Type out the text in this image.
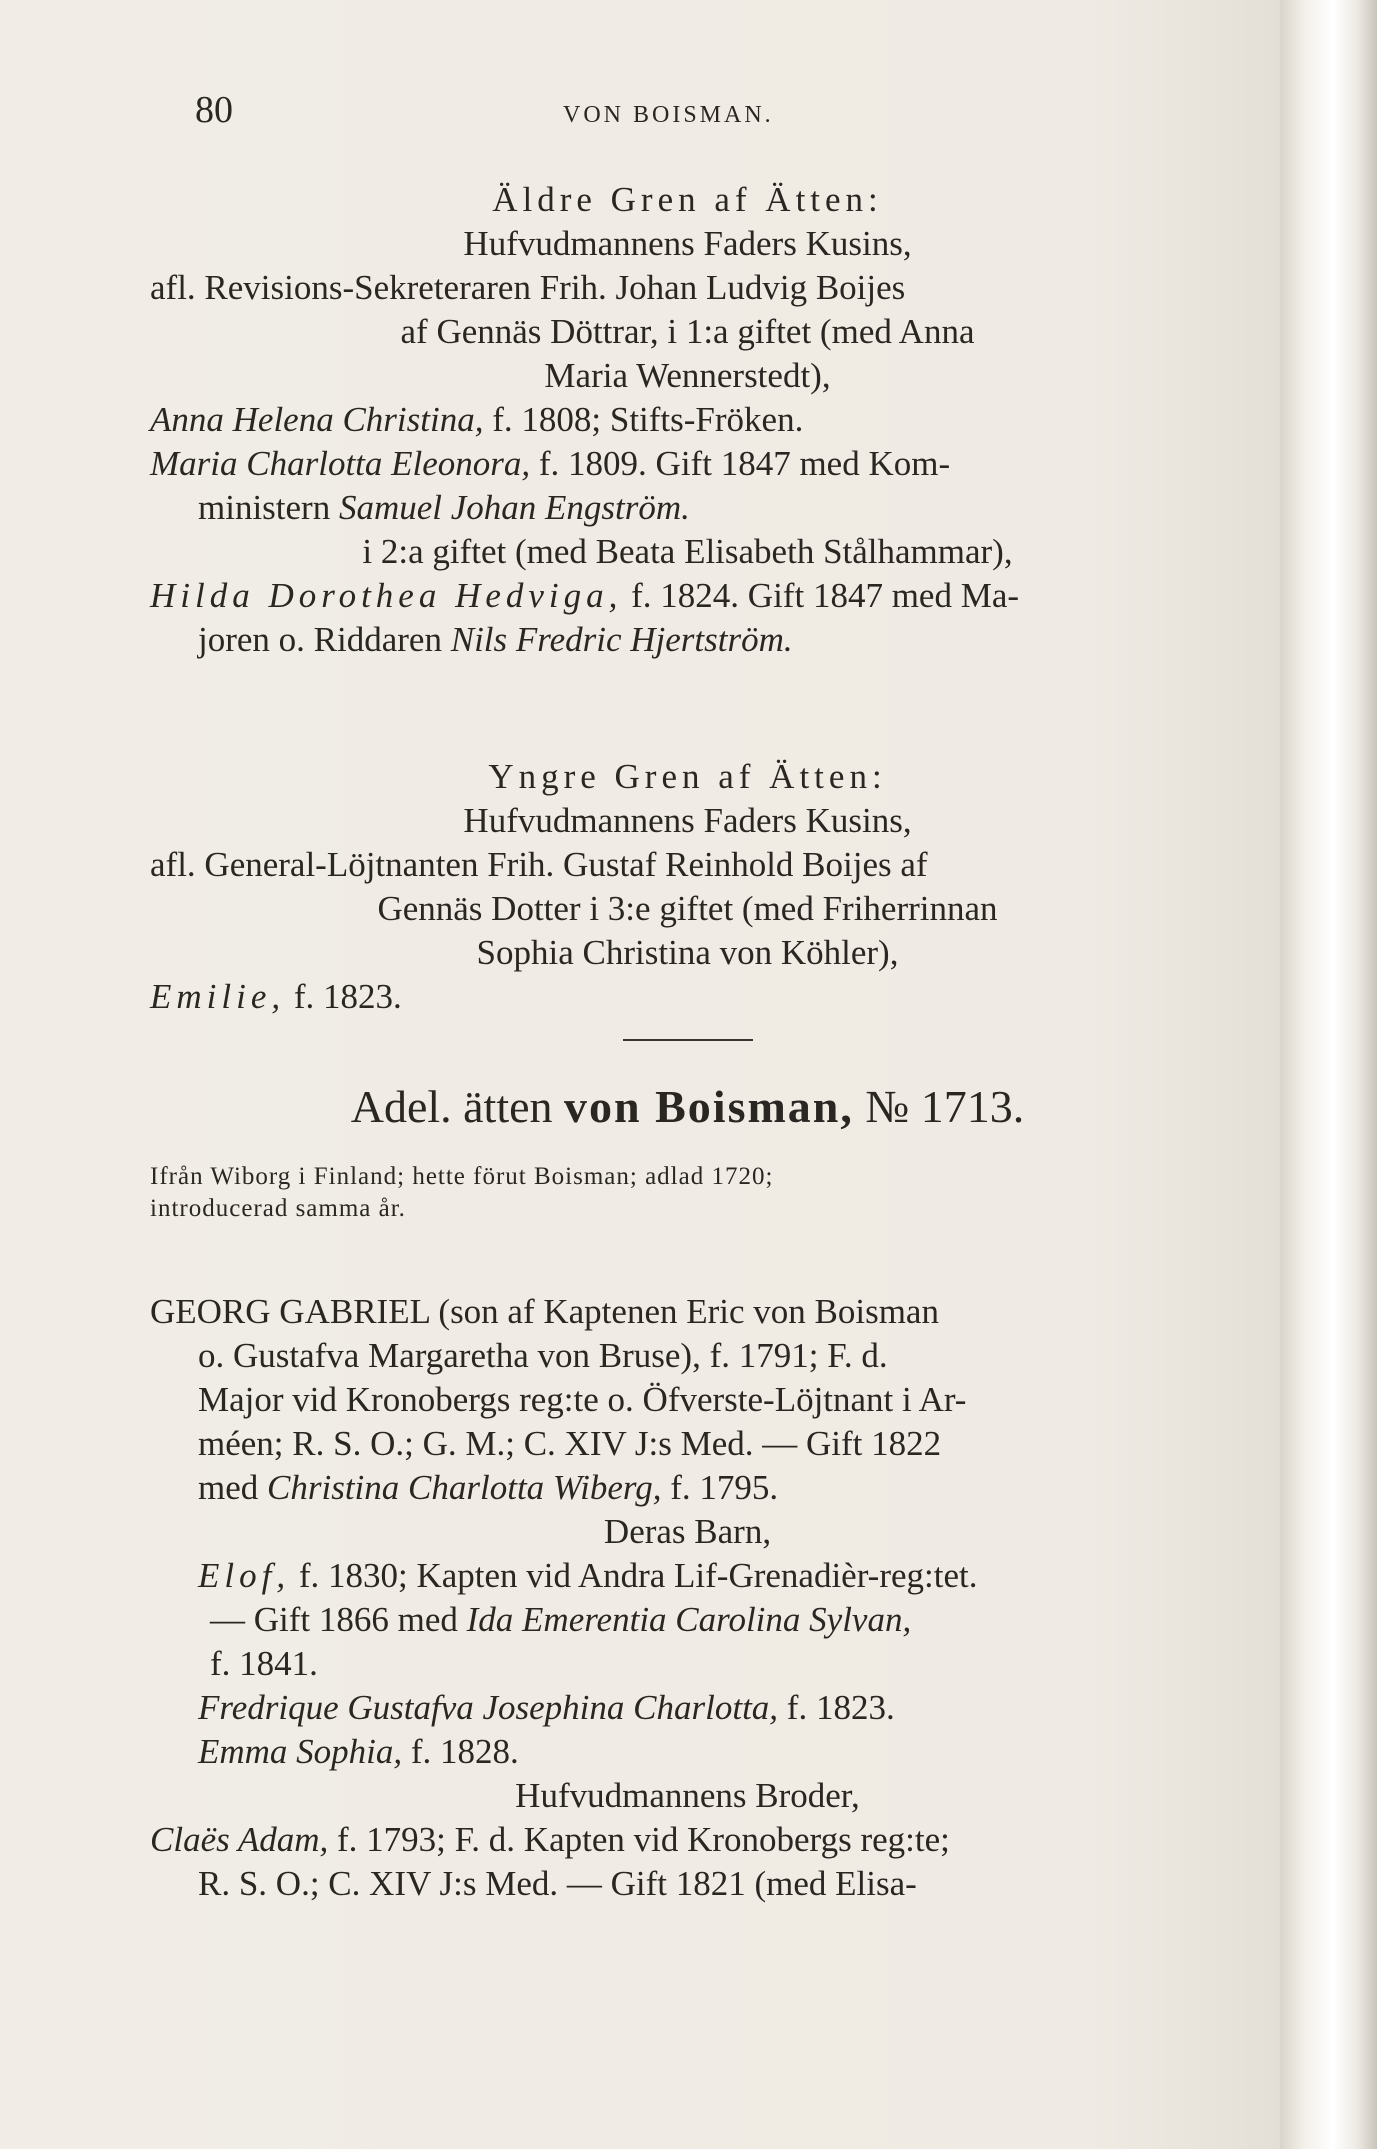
80	VON BOISMAN.
Äldre Gren af Ätten:
Hufvudmannens Faders Kusins,
afl. Revisions-Sekreteraren Frih. Johan Ludvig Boijes
af Gennäs Döttrar, i 1:a giftet (med Anna
Maria Wennerstedt),
Anna Helena Christina, f. 1808; Stifts-Fröken.
Maria Charlotta Eleonora, f. 1809. Gift 1847 med Kom-
ministern Samuel Johan Engström.
i 2:a giftet (med Beata Elisabeth Stålhammar),
Hilda Dorothea Hedviga, f. 1824. Gift 1847 med Ma-
joren o. Riddaren Nils Fredric Hjertström.
Yngre Gren af Ätten:
Hufvudmannens Faders Kusins,
afl. General-Löjtnanten Frih. Gustaf Reinhold Boijes af
Gennäs Dotter i 3:e giftet (med Friherrinnan
Sophia Christina von Köhler),
Emilie, f. 1823.
Adel. ätten von Boisman, № 1713.
Ifrån Wiborg i Finland; hette förut Boisman; adlad 1720;
introducerad samma år.
GEORG GABRIEL (son af Kaptenen Eric von Boisman
o. Gustafva Margaretha von Bruse), f. 1791; F. d.
Major vid Kronobergs reg:te o. Öfverste-Löjtnant i Ar-
méen; R. S. O.; G. M.; C. XIV J:s Med. — Gift 1822
med Christina Charlotta Wiberg, f. 1795.
Deras Barn,
Elof, f. 1830; Kapten vid Andra Lif-Grenadièr-reg:tet.
— Gift 1866 med Ida Emerentia Carolina Sylvan,
f. 1841.
Fredrique Gustafva Josephina Charlotta, f. 1823.
Emma Sophia, f. 1828.
Hufvudmannens Broder,
Claës Adam, f. 1793; F. d. Kapten vid Kronobergs reg:te;
R. S. O.; C. XIV J:s Med. — Gift 1821 (med Elisa-
